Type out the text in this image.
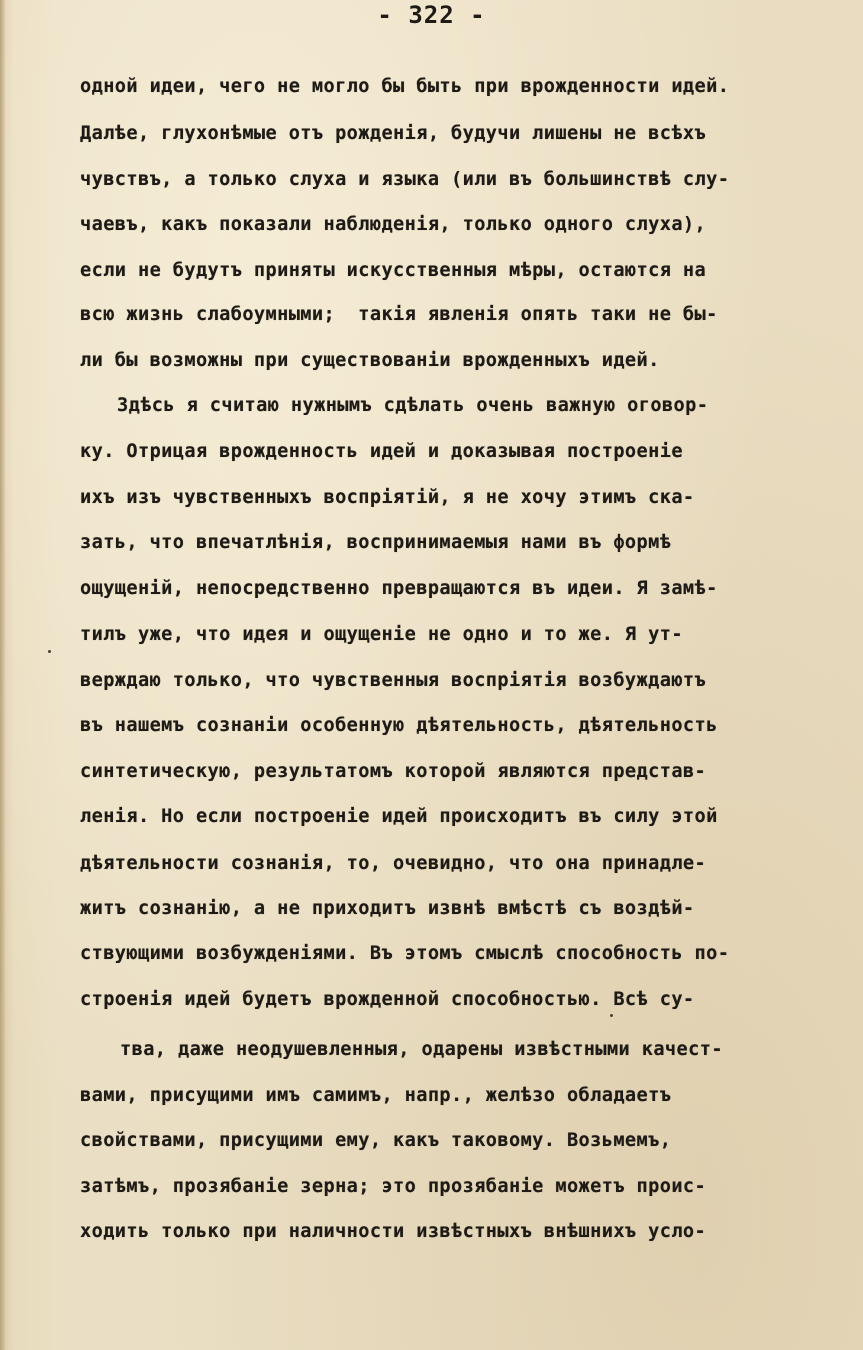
- 322 -
одной идеи, чего не могло бы быть при врожденности идей.
Далѣе, глухонѣмые отъ рожденія, будучи лишены не всѣхъ
чувствъ, а только слуха и языка (или въ большинствѣ слу-
чаевъ, какъ показали наблюденія, только одного слуха),
если не будутъ приняты искусственныя мѣры, остаются на
всю жизнь слабоумными;  такія явленія опять таки не бы-
ли бы возможны при существованіи врожденныхъ идей.
Здѣсь я считаю нужнымъ сдѣлать очень важную оговор-
ку. Отрицая врожденность идей и доказывая построеніе
ихъ изъ чувственныхъ воспріятій, я не хочу этимъ ска-
зать, что впечатлѣнія, воспринимаемыя нами въ формѣ
ощущеній, непосредственно превращаются въ идеи. Я замѣ-
тилъ уже, что идея и ощущеніе не одно и то же. Я ут-
верждаю только, что чувственныя воспріятія возбуждаютъ
въ нашемъ сознаніи особенную дѣятельность, дѣятельность
синтетическую, результатомъ которой являются представ-
ленія. Но если построеніе идей происходитъ въ силу этой
дѣятельности сознанія, то, очевидно, что она принадле-
житъ сознанію, а не приходитъ извнѣ вмѣстѣ съ воздѣй-
ствующими возбужденіями. Въ этомъ смыслѣ способность по-
строенія идей будетъ врожденной способностью. Всѣ су-
тва, даже неодушевленныя, одарены извѣстными качест-
вами, присущими имъ самимъ, напр., желѣзо обладаетъ
свойствами, присущими ему, какъ таковому. Возьмемъ,
затѣмъ, прозябаніе зерна; это прозябаніе можетъ проис-
ходить только при наличности извѣстныхъ внѣшнихъ усло-
